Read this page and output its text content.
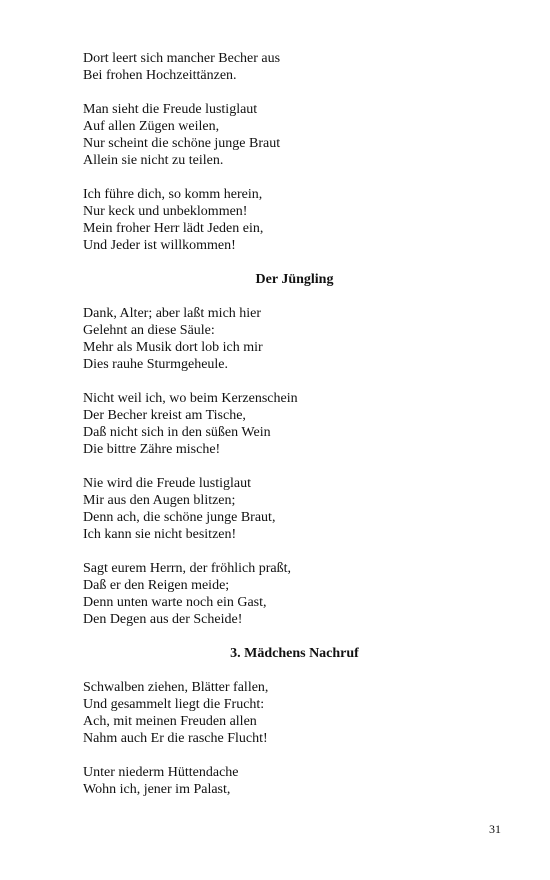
Dort leert sich mancher Becher aus
Bei frohen Hochzeittänzen.
Man sieht die Freude lustiglaut
Auf allen Zügen weilen,
Nur scheint die schöne junge Braut
Allein sie nicht zu teilen.
Ich führe dich, so komm herein,
Nur keck und unbeklommen!
Mein froher Herr lädt Jeden ein,
Und Jeder ist willkommen!
Der Jüngling
Dank, Alter; aber laßt mich hier
Gelehnt an diese Säule:
Mehr als Musik dort lob ich mir
Dies rauhe Sturmgeheule.
Nicht weil ich, wo beim Kerzenschein
Der Becher kreist am Tische,
Daß nicht sich in den süßen Wein
Die bittre Zähre mische!
Nie wird die Freude lustiglaut
Mir aus den Augen blitzen;
Denn ach, die schöne junge Braut,
Ich kann sie nicht besitzen!
Sagt eurem Herrn, der fröhlich praßt,
Daß er den Reigen meide;
Denn unten warte noch ein Gast,
Den Degen aus der Scheide!
3. Mädchens Nachruf
Schwalben ziehen, Blätter fallen,
Und gesammelt liegt die Frucht:
Ach, mit meinen Freuden allen
Nahm auch Er die rasche Flucht!
Unter niederm Hüttendache
Wohn ich, jener im Palast,
31
